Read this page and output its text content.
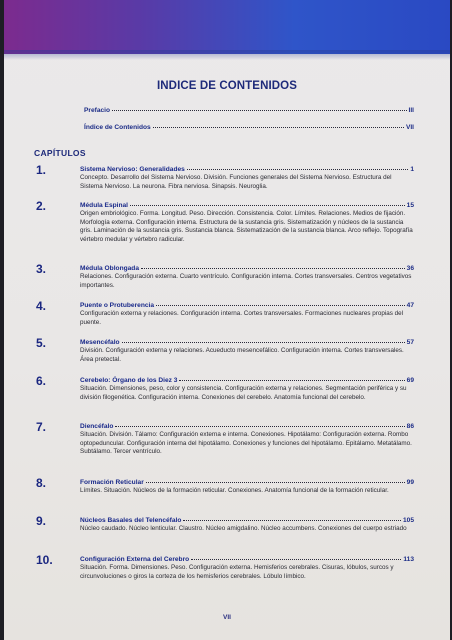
INDICE DE CONTENIDOS
Prefacio	III
Índice de Contenidos	VII
CAPÍTULOS
1.	Sistema Nervioso: Generalidades	1
Concepto. Desarrollo del Sistema Nervioso. División. Funciones generales del Sistema Nervioso. Estructura del Sistema Nervioso. La neurona. Fibra nerviosa. Sinapsis. Neuroglia.
2.	Médula Espinal	15
Origen embriológico. Forma. Longitud. Peso. Dirección. Consistencia. Color. Límites. Relaciones. Medios de fijación. Morfología externa. Configuración interna. Estructura de la sustancia gris. Sistematización y núcleos de la sustancia gris. Laminación de la sustancia gris. Sustancia blanca. Sistematización de la sustancia blanca. Arco reflejo. Topografía vértebro medular y vértebro radicular.
3.	Médula Oblongada	36
Relaciones. Configuración externa. Cuarto ventrículo. Configuración interna. Cortes transversales. Centros vegetativos importantes.
4.	Puente o Protuberencia	47
Configuración externa y relaciones. Configuración interna. Cortes transversales. Formaciones nucleares propias del puente.
5.	Mesencéfalo	57
División. Configuración externa y relaciones. Acueducto mesencefálico. Configuración interna. Cortes transversales. Área pretectal.
6.	Cerebelo: Órgano de los Diez 3	69
Situación. Dimensiones, peso, color y consistencia. Configuración externa y relaciones. Segmentación periférica y su división filogenética. Configuración interna. Conexiones del cerebelo. Anatomía funcional del cerebelo.
7.	Diencéfalo	86
Situación. División. Tálamo: Configuración externa e interna. Conexiones. Hipotálamo: Configuración externa. Rombo optopeduncular. Configuración interna del hipotálamo. Conexiones y funciones del hipotálamo. Epitálamo. Metatálamo. Subtálamo. Tercer ventrículo.
8.	Formación Reticular	99
Límites. Situación. Núcleos de la formación reticular. Conexiones. Anatomía funcional de la formación reticular.
9.	Núcleos Basales del Telencéfalo	105
Núcleo caudado. Núcleo lenticular. Claustro. Núcleo amigdalino. Núcleo accumbens. Conexiones del cuerpo estriado
10.	Configuración Externa del Cerebro	113
Situación. Forma. Dimensiones. Peso. Configuración externa. Hemisferios cerebrales. Cisuras, lóbulos, surcos y circunvoluciones o giros la corteza de los hemisferios cerebrales. Lóbulo límbico.
VII
